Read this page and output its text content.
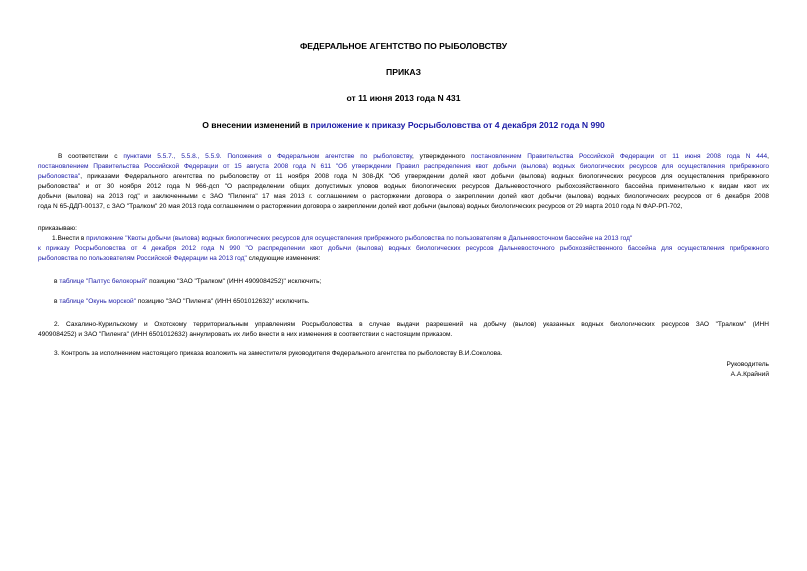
ФЕДЕРАЛЬНОЕ АГЕНТСТВО ПО РЫБОЛОВСТВУ
ПРИКАЗ
от 11 июня 2013 года N 431
О внесении изменений в приложение к приказу Росрыболовства от 4 декабря 2012 года N 990
В соответствии с пунктами 5.5.7., 5.5.8., 5.5.9. Положения о Федеральном агентстве по рыболовству, утвержденного постановлением Правительства Российской Федерации от 11 июня 2008 года N 444,
постановлением Правительства Российской Федерации от 15 августа 2008 года N 611 "Об утверждении Правил распределения квот добычи (вылова) водных биологических ресурсов для осуществления прибрежного
рыболовства", приказами Федерального агентства по рыболовству от 11 ноября 2008 года N 308-ДК "Об утверждении долей квот добычи (вылова) водных биологических ресурсов для осуществления прибрежного
рыболовства" и от 30 ноября 2012 года N 966-дсп "О распределении общих допустимых уловов водных биологических ресурсов Дальневосточного рыбохозяйственного бассейна применительно к видам квот их
добычи (вылова) на 2013 год" и заключенными с ЗАО "Пиленга" 17 мая 2013 г. соглашением о расторжении договора о закреплении долей квот добычи (вылова) водных биологических ресурсов от 6 декабря 2008
года N 65-ДДП-00137, с ЗАО "Тралком" 20 мая 2013 года соглашением о расторжении договора о закреплении долей квот добычи (вылова) водных биологических ресурсов от 29 марта 2010 года N ФАР-РП-702,
приказываю:
1.Внести в приложение "Квоты добычи (вылова) водных биологических ресурсов для осуществления прибрежного рыболовства по пользователям в Дальневосточном бассейне на 2013 год"
к приказу Росрыболовства от 4 декабря 2012 года N 990 "О распределении квот добычи (вылова) водных биологических ресурсов Дальневосточного рыбохозяйственного бассейна для осуществления прибрежного
рыболовства по пользователям Российской Федерации на 2013 год" следующие изменения:
в таблице "Палтус белокорый" позицию "ЗАО "Тралком" (ИНН 4909084252)" исключить;
в таблице "Окунь морской" позицию "ЗАО "Пиленга" (ИНН 6501012632)" исключить.
2. Сахалино-Курильскому и Охотскому территориальным управлениям Росрыболовства в случае выдачи разрешений на добычу (вылов) указанных водных биологических ресурсов ЗАО "Тралком" (ИНН
4909084252) и ЗАО "Пиленга" (ИНН 6501012632) аннулировать их либо внести в них изменения в соответствии с настоящим приказом.
3. Контроль за исполнением настоящего приказа возложить на заместителя руководителя Федерального агентства по рыболовству В.И.Соколова.
Руководитель
А.А.Крайний
